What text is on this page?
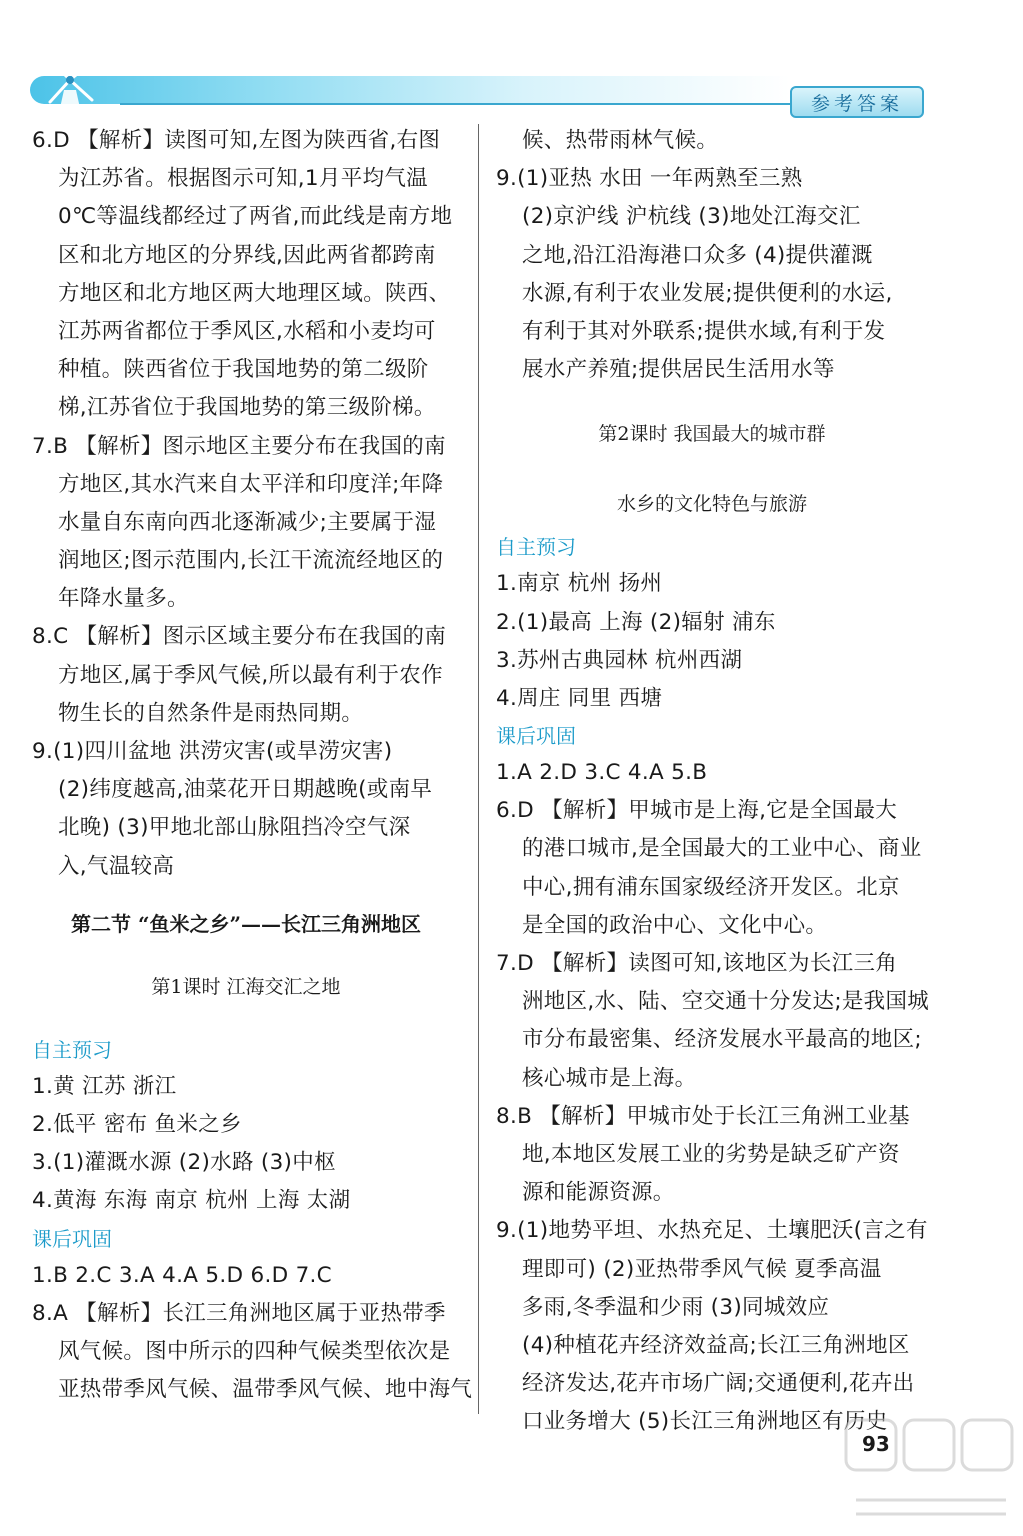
参考答案
6.D 【解析】读图可知,左图为陕西省,右图
为江苏省。根据图示可知,1月平均气温
0℃等温线都经过了两省,而此线是南方地
区和北方地区的分界线,因此两省都跨南
方地区和北方地区两大地理区域。陕西、
江苏两省都位于季风区,水稻和小麦均可
种植。陕西省位于我国地势的第二级阶
梯,江苏省位于我国地势的第三级阶梯。
7.B 【解析】图示地区主要分布在我国的南
方地区,其水汽来自太平洋和印度洋;年降
水量自东南向西北逐渐减少;主要属于湿
润地区;图示范围内,长江干流流经地区的
年降水量多。
8.C 【解析】图示区域主要分布在我国的南
方地区,属于季风气候,所以最有利于农作
物生长的自然条件是雨热同期。
9.(1)四川盆地 洪涝灾害(或旱涝灾害)
(2)纬度越高,油菜花开日期越晚(或南早
北晚) (3)甲地北部山脉阻挡冷空气深
入,气温较高
第二节 “鱼米之乡”——长江三角洲地区
第1课时 江海交汇之地
自主预习
1.黄 江苏 浙江
2.低平 密布 鱼米之乡
3.(1)灌溉水源 (2)水路 (3)中枢
4.黄海 东海 南京 杭州 上海 太湖
课后巩固
1.B 2.C 3.A 4.A 5.D 6.D 7.C
8.A 【解析】长江三角洲地区属于亚热带季
风气候。图中所示的四种气候类型依次是
亚热带季风气候、温带季风气候、地中海气
候、热带雨林气候。
9.(1)亚热 水田 一年两熟至三熟
(2)京沪线 沪杭线 (3)地处江海交汇
之地,沿江沿海港口众多 (4)提供灌溉
水源,有利于农业发展;提供便利的水运,
有利于其对外联系;提供水域,有利于发
展水产养殖;提供居民生活用水等
第2课时 我国最大的城市群
水乡的文化特色与旅游
自主预习
1.南京 杭州 扬州
2.(1)最高 上海 (2)辐射 浦东
3.苏州古典园林 杭州西湖
4.周庄 同里 西塘
课后巩固
1.A 2.D 3.C 4.A 5.B
6.D 【解析】甲城市是上海,它是全国最大
的港口城市,是全国最大的工业中心、商业
中心,拥有浦东国家级经济开发区。北京
是全国的政治中心、文化中心。
7.D 【解析】读图可知,该地区为长江三角
洲地区,水、陆、空交通十分发达;是我国城
市分布最密集、经济发展水平最高的地区;
核心城市是上海。
8.B 【解析】甲城市处于长江三角洲工业基
地,本地区发展工业的劣势是缺乏矿产资
源和能源资源。
9.(1)地势平坦、水热充足、土壤肥沃(言之有
理即可) (2)亚热带季风气候 夏季高温
多雨,冬季温和少雨 (3)同城效应
(4)种植花卉经济效益高;长江三角洲地区
经济发达,花卉市场广阔;交通便利,花卉出
口业务增大 (5)长江三角洲地区有历史
93
